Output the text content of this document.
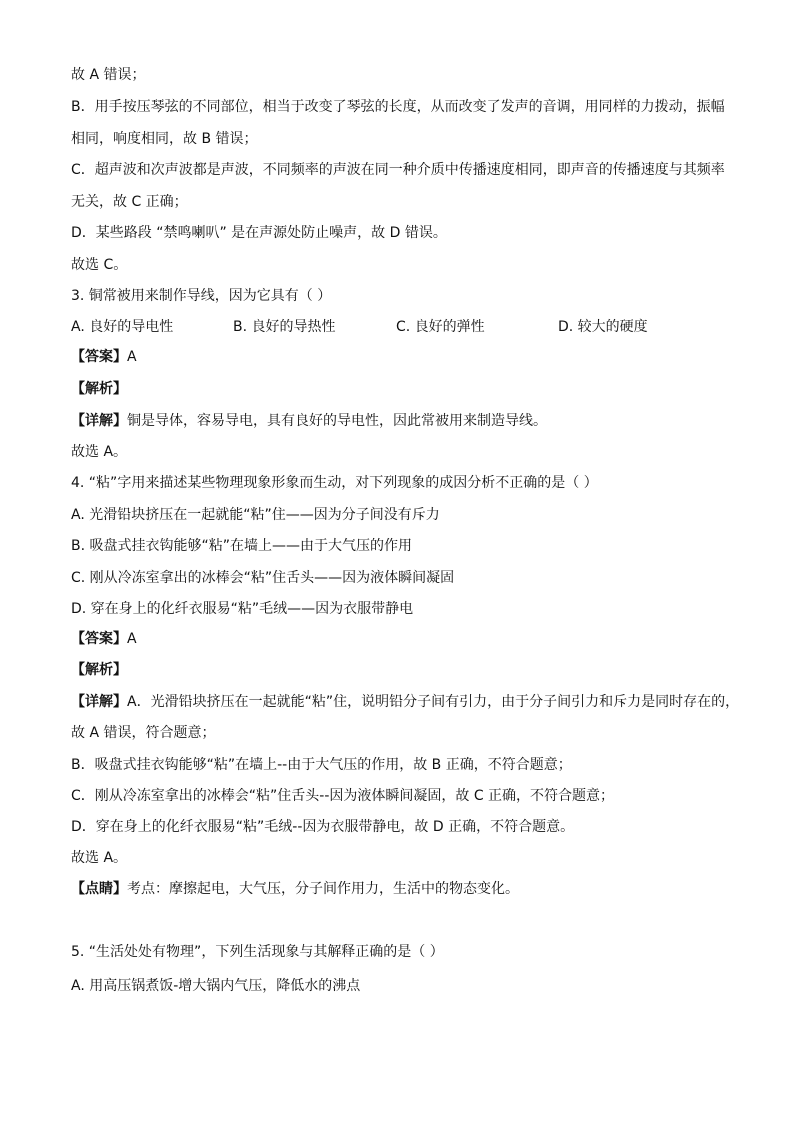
故 A 错误；
B．用手按压琴弦的不同部位，相当于改变了琴弦的长度，从而改变了发声的音调，用同样的力拨动，振幅
相同，响度相同，故 B 错误；
C．超声波和次声波都是声波，不同频率的声波在同一种介质中传播速度相同，即声音的传播速度与其频率
无关，故 C 正确；
D．某些路段 “禁鸣喇叭” 是在声源处防止噪声，故 D 错误。
故选 C。
3. 铜常被用来制作导线，因为它具有（ ）
A. 良好的导电性	B. 良好的导热性	C. 良好的弹性	D. 较大的硬度
【答案】A
【解析】
【详解】铜是导体，容易导电，具有良好的导电性，因此常被用来制造导线。
故选 A。
4. “粘”字用来描述某些物理现象形象而生动，对下列现象的成因分析不正确的是（ ）
A. 光滑铅块挤压在一起就能“粘”住——因为分子间没有斥力
B. 吸盘式挂衣钩能够“粘”在墙上——由于大气压的作用
C. 刚从冷冻室拿出的冰棒会“粘”住舌头——因为液体瞬间凝固
D. 穿在身上的化纤衣服易“粘”毛绒——因为衣服带静电
【答案】A
【解析】
【详解】A．光滑铅块挤压在一起就能“粘”住，说明铅分子间有引力，由于分子间引力和斥力是同时存在的，
故 A 错误，符合题意；
B．吸盘式挂衣钩能够“粘”在墙上--由于大气压的作用，故 B 正确，不符合题意；
C．刚从冷冻室拿出的冰棒会“粘”住舌头--因为液体瞬间凝固，故 C 正确，不符合题意；
D．穿在身上的化纤衣服易“粘”毛绒--因为衣服带静电，故 D 正确，不符合题意。
故选 A。
【点睛】考点：摩擦起电，大气压，分子间作用力，生活中的物态变化。
5. “生活处处有物理”，下列生活现象与其解释正确的是（ ）
A. 用高压锅煮饭-增大锅内气压，降低水的沸点
